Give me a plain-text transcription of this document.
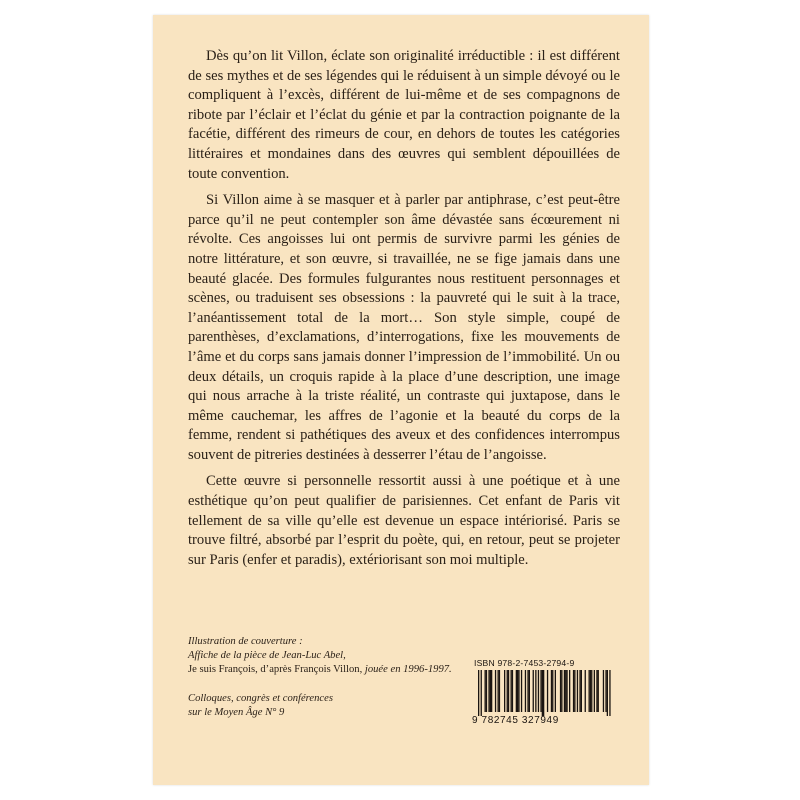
Dès qu’on lit Villon, éclate son originalité irréductible : il est différent de ses mythes et de ses légendes qui le réduisent à un simple dévoyé ou le compliquent à l’excès, différent de lui-même et de ses compagnons de ribote par l’éclair et l’éclat du génie et par la contraction poignante de la facétie, différent des rimeurs de cour, en dehors de toutes les catégories littéraires et mondaines dans des œuvres qui semblent dépouillées de toute convention.

Si Villon aime à se masquer et à parler par antiphrase, c’est peut-être parce qu’il ne peut contempler son âme dévastée sans écœurement ni révolte. Ces angoisses lui ont permis de survivre parmi les génies de notre littérature, et son œuvre, si travaillée, ne se fige jamais dans une beauté glacée. Des formules fulgurantes nous restituent personnages et scènes, ou traduisent ses obsessions : la pauvreté qui le suit à la trace, l’anéantissement total de la mort… Son style simple, coupé de parenthèses, d’exclamations, d’interrogations, fixe les mouvements de l’âme et du corps sans jamais donner l’impression de l’immobilité. Un ou deux détails, un croquis rapide à la place d’une description, une image qui nous arrache à la triste réalité, un contraste qui juxtapose, dans le même cauchemar, les affres de l’agonie et la beauté du corps de la femme, rendent si pathétiques des aveux et des confidences interrompus souvent de pitreries destinées à desserrer l’étau de l’angoisse.

Cette œuvre si personnelle ressortit aussi à une poétique et à une esthétique qu’on peut qualifier de parisiennes. Cet enfant de Paris vit tellement de sa ville qu’elle est devenue un espace intériorisé. Paris se trouve filtré, absorbé par l’esprit du poète, qui, en retour, peut se projeter sur Paris (enfer et paradis), extériorisant son moi multiple.

Illustration de couverture :
Affiche de la pièce de Jean-Luc Abel,
Je suis François, d’après François Villon, jouée en 1996-1997.
Colloques, congrès et conférences
sur le Moyen Âge N° 9
ISBN 978-2-7453-2794-9
9 782745 327949
